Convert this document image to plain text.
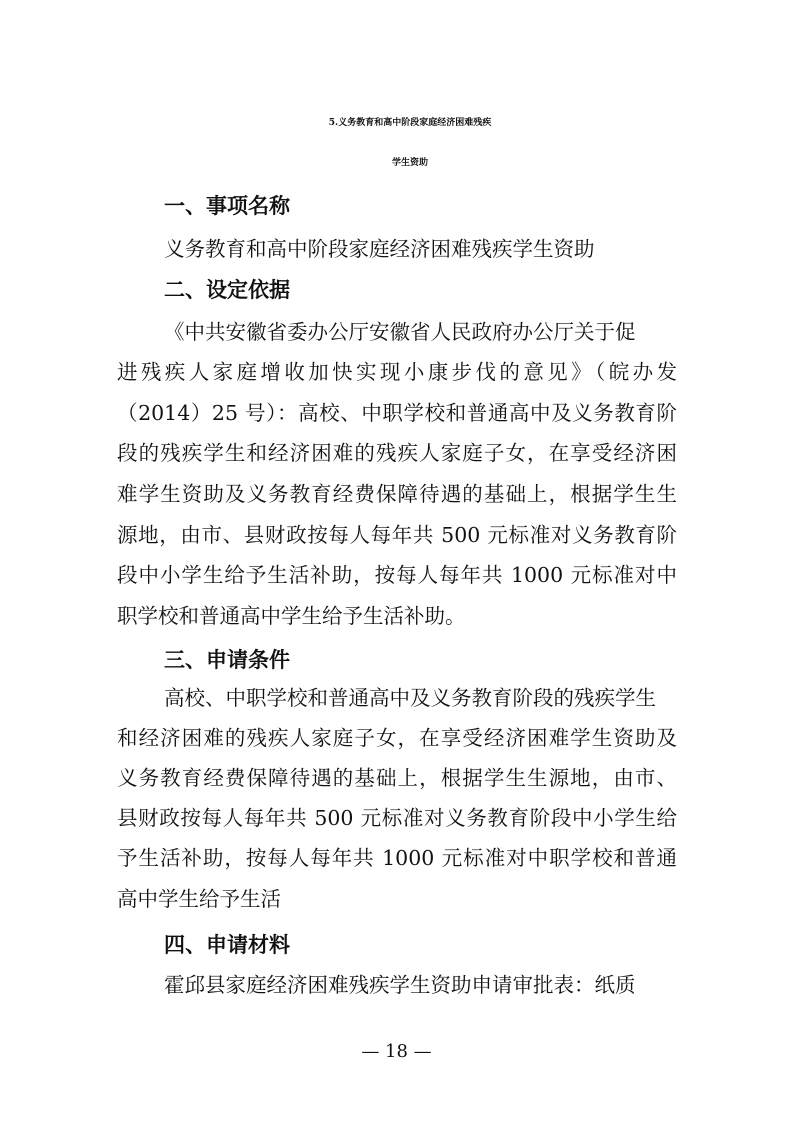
5.义务教育和高中阶段家庭经济困难残疾
学生资助
一、事项名称
义务教育和高中阶段家庭经济困难残疾学生资助
二、设定依据
《中共安徽省委办公厅安徽省人民政府办公厅关于促
进残疾人家庭增收加快实现小康步伐的意见》（皖办发
（2014）25 号）：高校、中职学校和普通高中及义务教育阶
段的残疾学生和经济困难的残疾人家庭子女，在享受经济困
难学生资助及义务教育经费保障待遇的基础上，根据学生生
源地，由市、县财政按每人每年共 500 元标准对义务教育阶
段中小学生给予生活补助，按每人每年共 1000 元标准对中
职学校和普通高中学生给予生活补助。
三、申请条件
高校、中职学校和普通高中及义务教育阶段的残疾学生
和经济困难的残疾人家庭子女，在享受经济困难学生资助及
义务教育经费保障待遇的基础上，根据学生生源地，由市、
县财政按每人每年共 500 元标准对义务教育阶段中小学生给
予生活补助，按每人每年共 1000 元标准对中职学校和普通
高中学生给予生活
四、申请材料
霍邱县家庭经济困难残疾学生资助申请审批表：纸质
— 18 —
